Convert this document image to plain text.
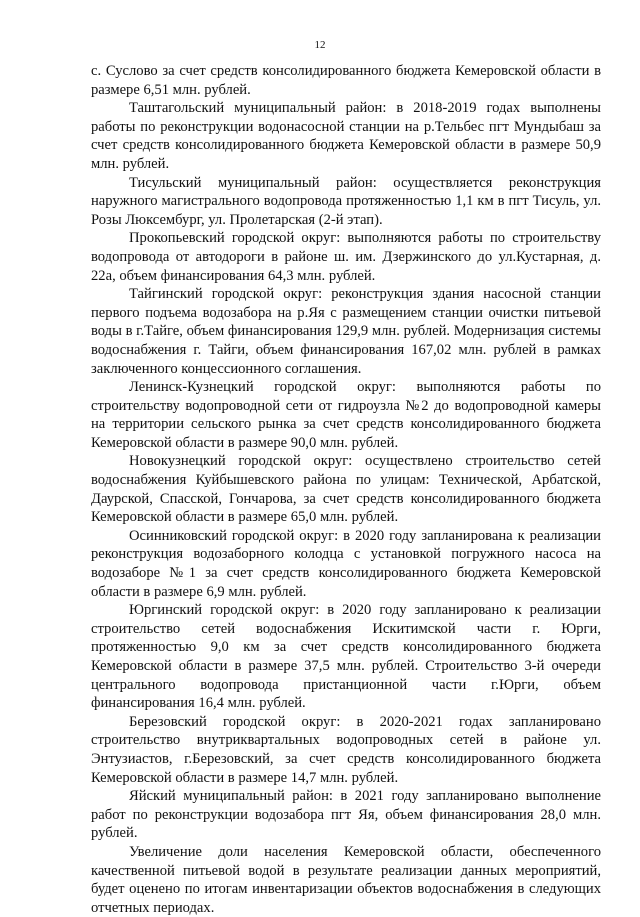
12

с. Суслово за счет средств консолидированного бюджета Кемеровской области в размере 6,51 млн. рублей.

Таштагольский муниципальный район: в 2018-2019 годах выполнены работы по реконструкции водонасосной станции на р.Тельбес пгт Мундыбаш за счет средств консолидированного бюджета Кемеровской области в размере 50,9 млн. рублей.

Тисульский муниципальный район: осуществляется реконструкция наружного магистрального водопровода протяженностью 1,1 км в пгт Тисуль, ул. Розы Люксембург, ул. Пролетарская (2-й этап).

Прокопьевский городской округ: выполняются работы по строительству водопровода от автодороги в районе ш. им. Дзержинского до ул.Кустарная, д. 22а, объем финансирования 64,3 млн. рублей.

Тайгинский городской округ: реконструкция здания насосной станции первого подъема водозабора на р.Яя с размещением станции очистки питьевой воды в г.Тайге, объем финансирования 129,9 млн. рублей. Модернизация системы водоснабжения г. Тайги, объем финансирования 167,02 млн. рублей в рамках заключенного концессионного соглашения.

Ленинск-Кузнецкий городской округ: выполняются работы по строительству водопроводной сети от гидроузла №2 до водопроводной камеры на территории сельского рынка за счет средств консолидированного бюджета Кемеровской области в размере 90,0 млн. рублей.

Новокузнецкий городской округ: осуществлено строительство сетей водоснабжения Куйбышевского района по улицам: Технической, Арбатской, Даурской, Спасской, Гончарова, за счет средств консолидированного бюджета Кемеровской области в размере 65,0 млн. рублей.

Осинниковский городской округ: в 2020 году запланирована к реализации реконструкция водозаборного колодца с установкой погружного насоса на водозаборе №1 за счет средств консолидированного бюджета Кемеровской области в размере 6,9 млн. рублей.

Юргинский городской округ: в 2020 году запланировано к реализации строительство сетей водоснабжения Искитимской части г. Юрги, протяженностью 9,0 км за счет средств консолидированного бюджета Кемеровской области в размере 37,5 млн. рублей. Строительство 3-й очереди центрального водопровода пристанционной части г.Юрги, объем финансирования 16,4 млн. рублей.

Березовский городской округ: в 2020-2021 годах запланировано строительство внутриквартальных водопроводных сетей в районе ул. Энтузиастов, г.Березовский, за счет средств консолидированного бюджета Кемеровской области в размере 14,7 млн. рублей.

Яйский муниципальный район: в 2021 году запланировано выполнение работ по реконструкции водозабора пгт Яя, объем финансирования 28,0 млн. рублей.

Увеличение доли населения Кемеровской области, обеспеченного качественной питьевой водой в результате реализации данных мероприятий, будет оценено по итогам инвентаризации объектов водоснабжения в следующих отчетных периодах.
